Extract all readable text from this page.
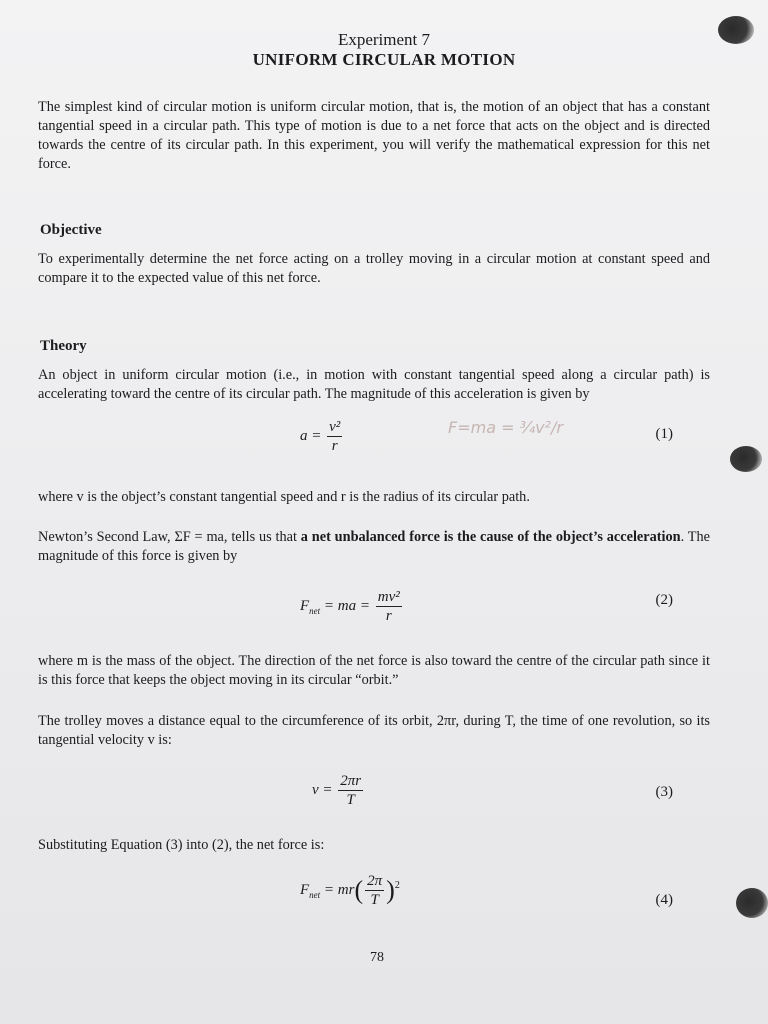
Experiment 7
UNIFORM CIRCULAR MOTION
The simplest kind of circular motion is uniform circular motion, that is, the motion of an object that has a constant tangential speed in a circular path. This type of motion is due to a net force that acts on the object and is directed towards the centre of its circular path. In this experiment, you will verify the mathematical expression for this net force.
Objective
To experimentally determine the net force acting on a trolley moving in a circular motion at constant speed and compare it to the expected value of this net force.
Theory
An object in uniform circular motion (i.e., in motion with constant tangential speed along a circular path) is accelerating toward the centre of its circular path. The magnitude of this acceleration is given by
$a = \frac{\text{v²}}{r}$	F=ma = ¾v²/r	(1)
where v is the object’s constant tangential speed and r is the radius of its circular path.
Newton’s Second Law, ΣF = ma, tells us that a net unbalanced force is the cause of the object’s acceleration. The magnitude of this force is given by
$F_{net}$ = ma = $\frac{\text{mv²}}{r}$	(2)
where m is the mass of the object. The direction of the net force is also toward the centre of the circular path since it is this force that keeps the object moving in its circular “orbit.”
The trolley moves a distance equal to the circumference of its orbit, 2πr, during T, the time of one revolution, so its tangential velocity v is:
$v = \frac{2\pi r}{T}$	(3)
Substituting Equation (3) into (2), the net force is:
$F_{net} = mr( \frac{2\pi}{T} )^2$
(4)
78
